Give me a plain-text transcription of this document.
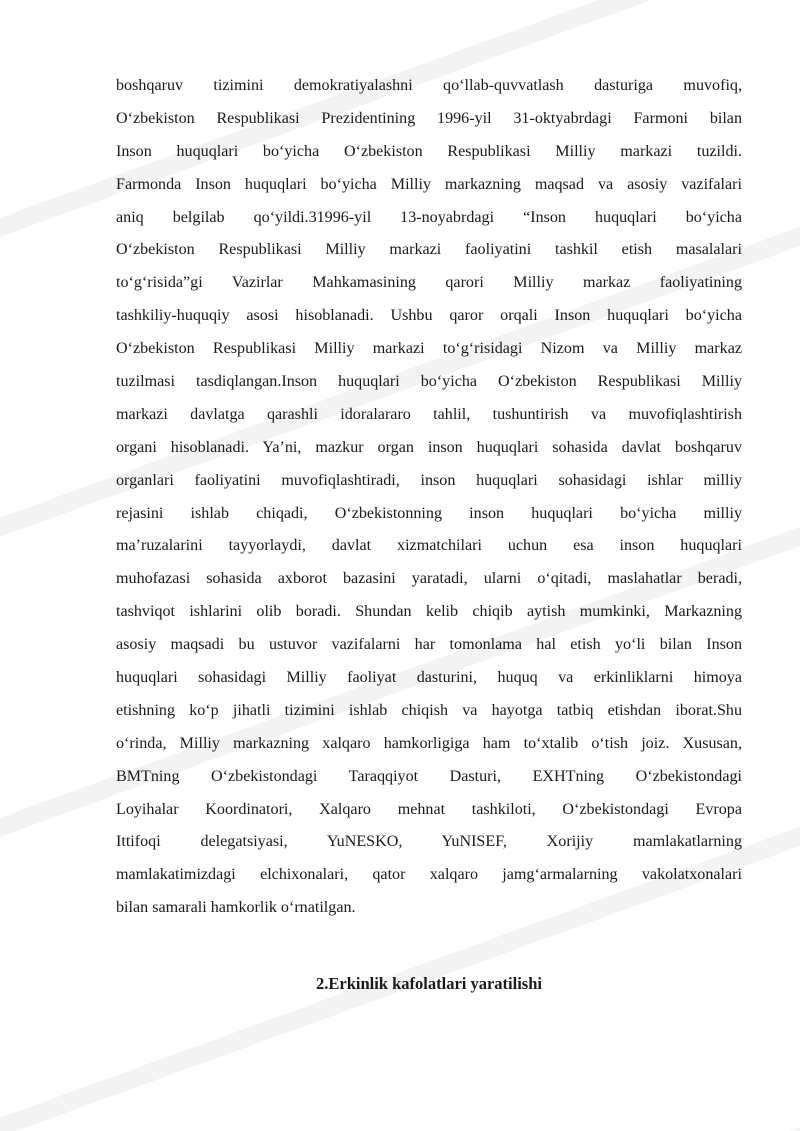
boshqaruv tizimini demokratiyalashni qo‘llab-quvvatlash dasturiga muvofiq,
O‘zbekiston Respublikasi Prezidentining 1996-yil 31-oktyabrdagi Farmoni bilan
Inson huquqlari bo‘yicha O‘zbekiston Respublikasi Milliy markazi tuzildi.
Farmonda Inson huquqlari bo‘yicha Milliy markazning maqsad va asosiy vazifalari
aniq belgilab qo‘yildi.31996-yil 13-noyabrdagi “Inson huquqlari bo‘yicha
O‘zbekiston Respublikasi Milliy markazi faoliyatini tashkil etish masalalari
to‘g‘risida”gi Vazirlar Mahkamasining qarori Milliy markaz faoliyatining
tashkiliy-huquqiy asosi hisoblanadi. Ushbu qaror orqali Inson huquqlari bo‘yicha
O‘zbekiston Respublikasi Milliy markazi to‘g‘risidagi Nizom va Milliy markaz
tuzilmasi tasdiqlangan.Inson huquqlari bo‘yicha O‘zbekiston Respublikasi Milliy
markazi davlatga qarashli idoralararo tahlil, tushuntirish va muvofiqlashtirish
organi hisoblanadi. Ya’ni, mazkur organ inson huquqlari sohasida davlat boshqaruv
organlari faoliyatini muvofiqlashtiradi, inson huquqlari sohasidagi ishlar milliy
rejasini ishlab chiqadi, O‘zbekistonning inson huquqlari bo‘yicha milliy
ma’ruzalarini tayyorlaydi, davlat xizmatchilari uchun esa inson huquqlari
muhofazasi sohasida axborot bazasini yaratadi, ularni o‘qitadi, maslahatlar beradi,
tashviqot ishlarini olib boradi. Shundan kelib chiqib aytish mumkinki, Markazning
asosiy maqsadi bu ustuvor vazifalarni har tomonlama hal etish yo‘li bilan Inson
huquqlari sohasidagi Milliy faoliyat dasturini, huquq va erkinliklarni himoya
etishning ko‘p jihatli tizimini ishlab chiqish va hayotga tatbiq etishdan iborat.Shu
o‘rinda, Milliy markazning xalqaro hamkorligiga ham to‘xtalib o‘tish joiz. Xususan,
BMTning O‘zbekistondagi Taraqqiyot Dasturi, EXHTning O‘zbekistondagi
Loyihalar Koordinatori, Xalqaro mehnat tashkiloti, O‘zbekistondagi Evropa
Ittifoqi delegatsiyasi, YuNESKO, YuNISEF, Xorijiy mamlakatlarning
mamlakatimizdagi elchixonalari, qator xalqaro jamg‘armalarning vakolatxonalari
bilan samarali hamkorlik o‘rnatilgan.
2.Erkinlik kafolatlari yaratilishi
